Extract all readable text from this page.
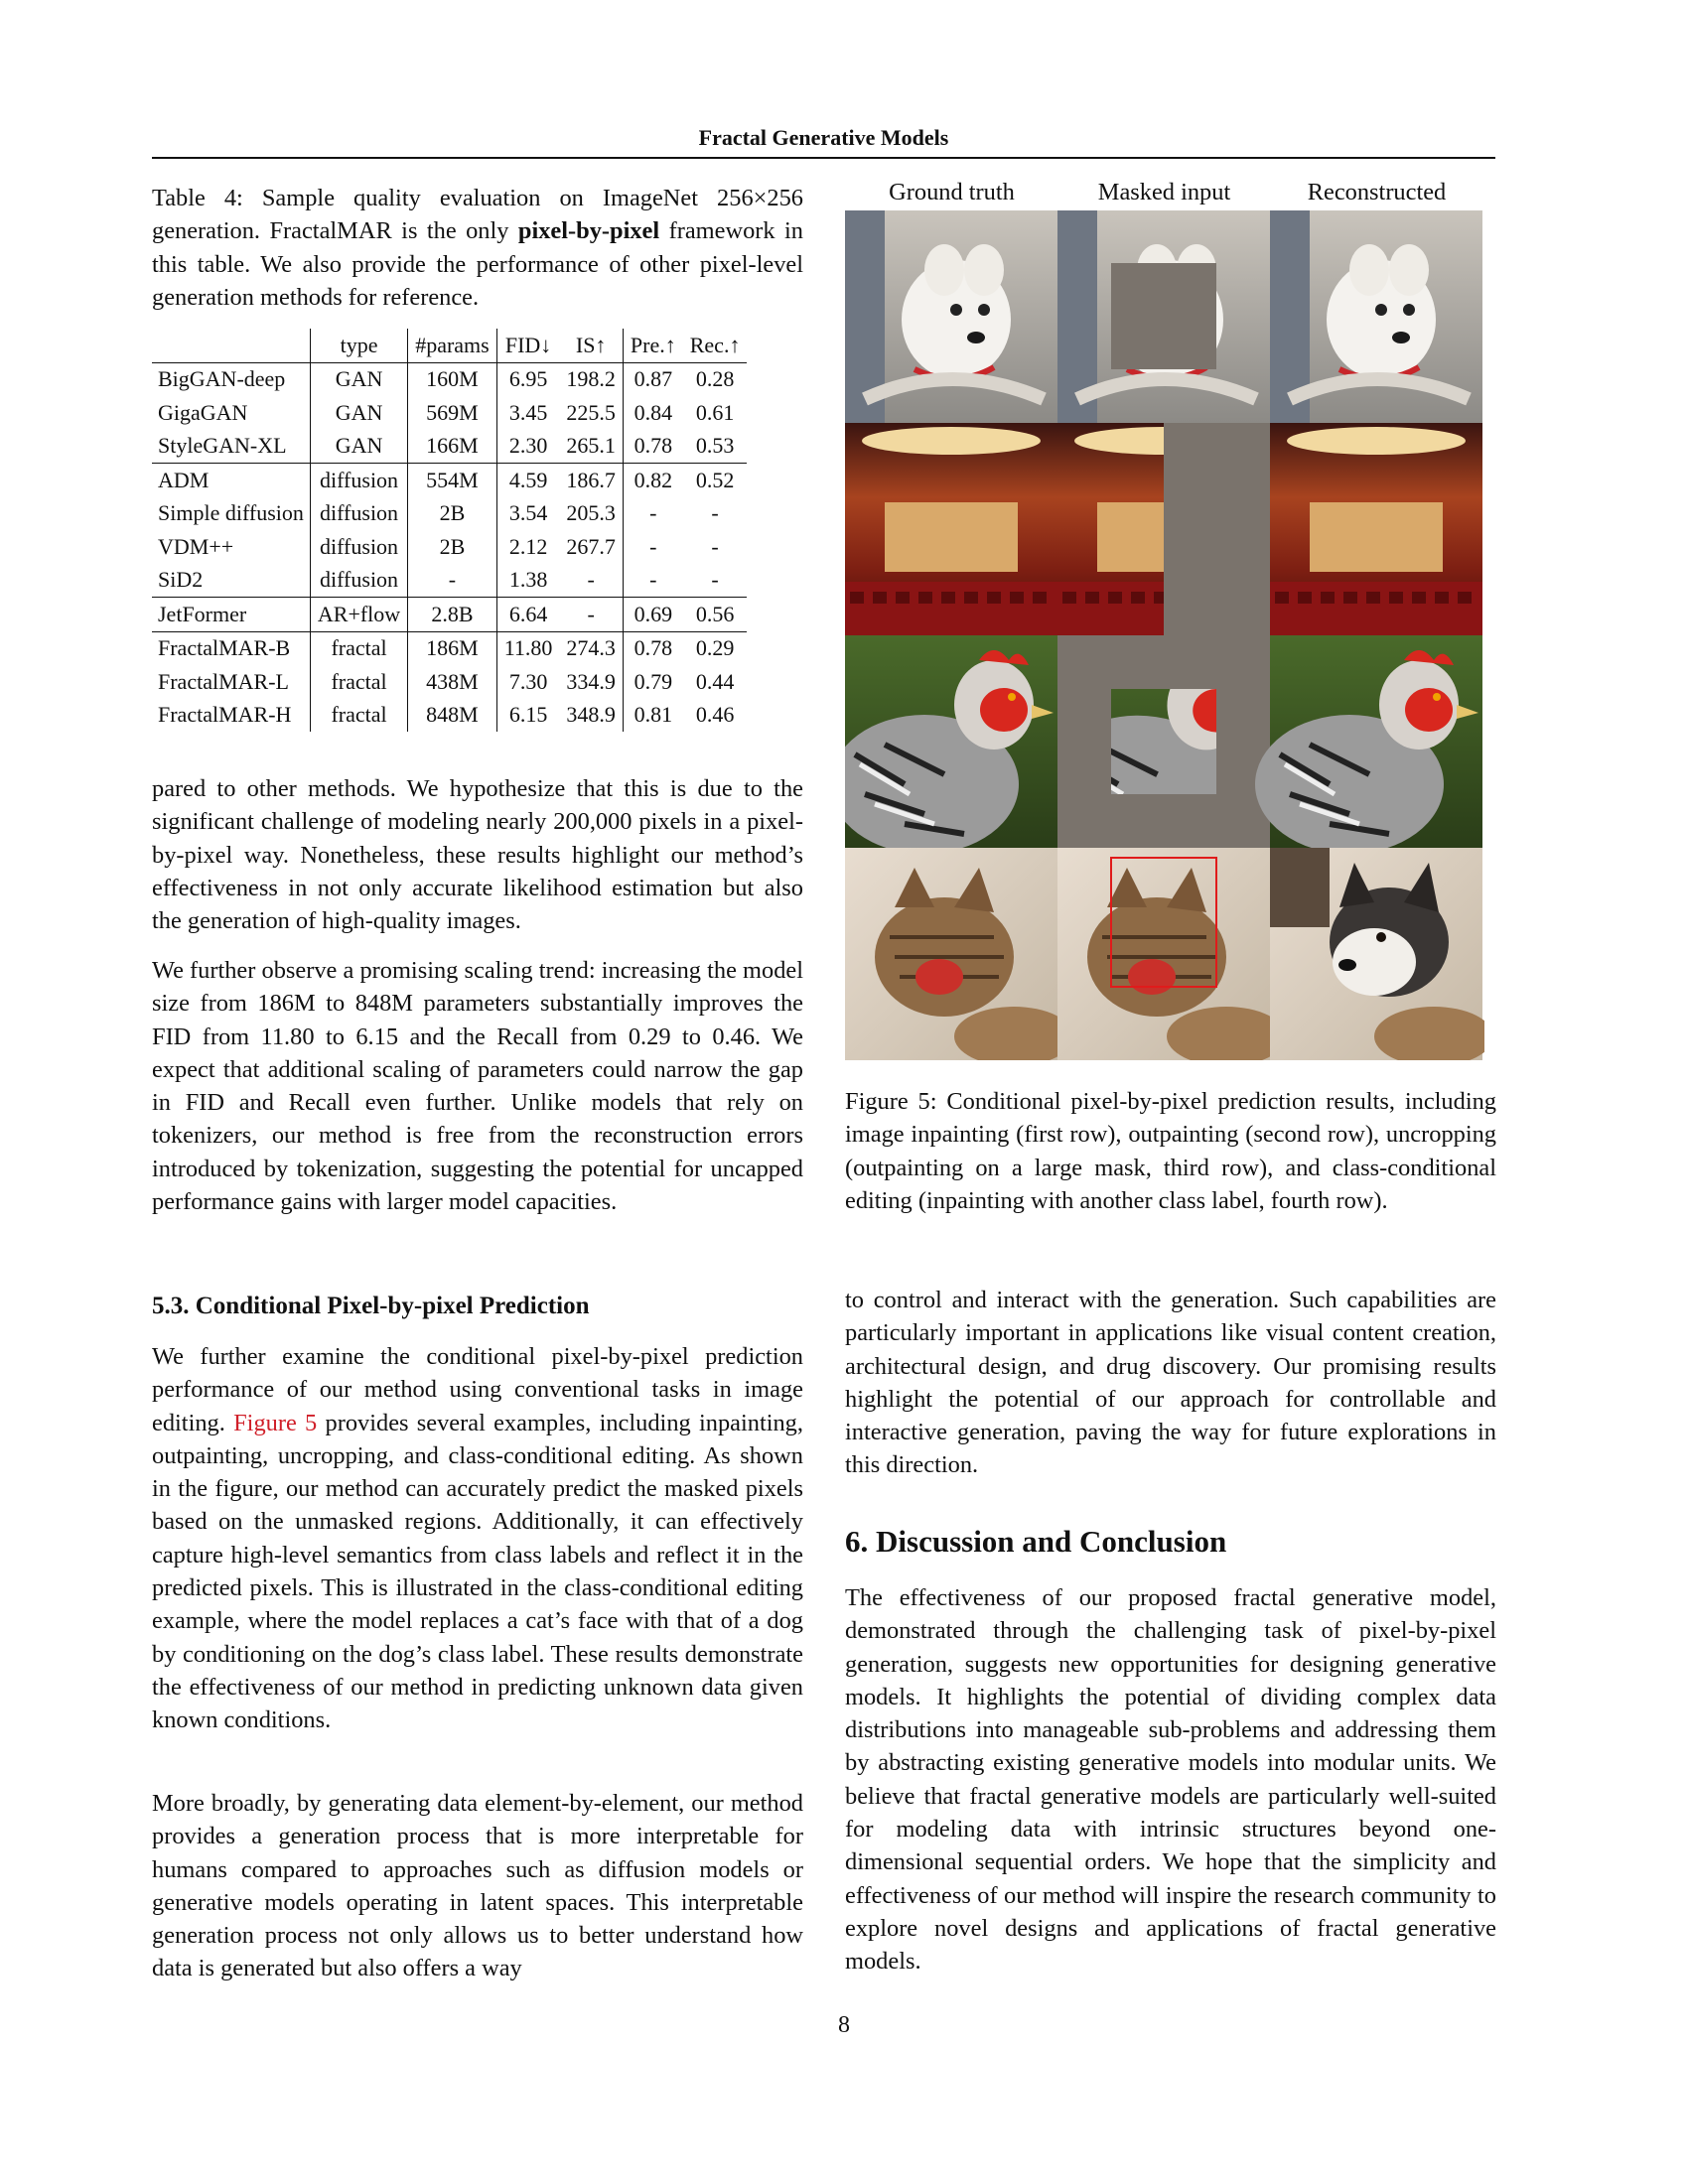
Fractal Generative Models

Table 4: Sample quality evaluation on ImageNet 256×256 generation. FractalMAR is the only pixel-by-pixel framework in this table. We also provide the performance of other pixel-level generation methods for reference.

	type	#params	FID↓	IS↑	Pre.↑	Rec.↑
BigGAN-deep	GAN	160M	6.95	198.2	0.87	0.28
GigaGAN	GAN	569M	3.45	225.5	0.84	0.61
StyleGAN-XL	GAN	166M	2.30	265.1	0.78	0.53
ADM	diffusion	554M	4.59	186.7	0.82	0.52
Simple diffusion	diffusion	2B	3.54	205.3	-	-
VDM++	diffusion	2B	2.12	267.7	-	-
SiD2	diffusion	-	1.38	-	-	-
JetFormer	AR+flow	2.8B	6.64	-	0.69	0.56
FractalMAR-B	fractal	186M	11.80	274.3	0.78	0.29
FractalMAR-L	fractal	438M	7.30	334.9	0.79	0.44
FractalMAR-H	fractal	848M	6.15	348.9	0.81	0.46

pared to other methods. We hypothesize that this is due to the significant challenge of modeling nearly 200,000 pixels in a pixel-by-pixel way. Nonetheless, these results highlight our method’s effectiveness in not only accurate likelihood estimation but also the generation of high-quality images.

We further observe a promising scaling trend: increasing the model size from 186M to 848M parameters substantially improves the FID from 11.80 to 6.15 and the Recall from 0.29 to 0.46. We expect that additional scaling of parameters could narrow the gap in FID and Recall even further. Unlike models that rely on tokenizers, our method is free from the reconstruction errors introduced by tokenization, suggesting the potential for uncapped performance gains with larger model capacities.

5.3. Conditional Pixel-by-pixel Prediction

We further examine the conditional pixel-by-pixel prediction performance of our method using conventional tasks in image editing. Figure 5 provides several examples, including inpainting, outpainting, uncropping, and class-conditional editing. As shown in the figure, our method can accurately predict the masked pixels based on the unmasked regions. Additionally, it can effectively capture high-level semantics from class labels and reflect it in the predicted pixels. This is illustrated in the class-conditional editing example, where the model replaces a cat’s face with that of a dog by conditioning on the dog’s class label. These results demonstrate the effectiveness of our method in predicting unknown data given known conditions.

More broadly, by generating data element-by-element, our method provides a generation process that is more interpretable for humans compared to approaches such as diffusion models or generative models operating in latent spaces. This interpretable generation process not only allows us to better understand how data is generated but also offers a way

Ground truth	Masked input	Reconstructed

Figure 5: Conditional pixel-by-pixel prediction results, including image inpainting (first row), outpainting (second row), uncropping (outpainting on a large mask, third row), and class-conditional editing (inpainting with another class label, fourth row).

to control and interact with the generation. Such capabilities are particularly important in applications like visual content creation, architectural design, and drug discovery. Our promising results highlight the potential of our approach for controllable and interactive generation, paving the way for future explorations in this direction.

6. Discussion and Conclusion

The effectiveness of our proposed fractal generative model, demonstrated through the challenging task of pixel-by-pixel generation, suggests new opportunities for designing generative models. It highlights the potential of dividing complex data distributions into manageable sub-problems and addressing them by abstracting existing generative models into modular units. We believe that fractal generative models are particularly well-suited for modeling data with intrinsic structures beyond one-dimensional sequential orders. We hope that the simplicity and effectiveness of our method will inspire the research community to explore novel designs and applications of fractal generative models.

8
